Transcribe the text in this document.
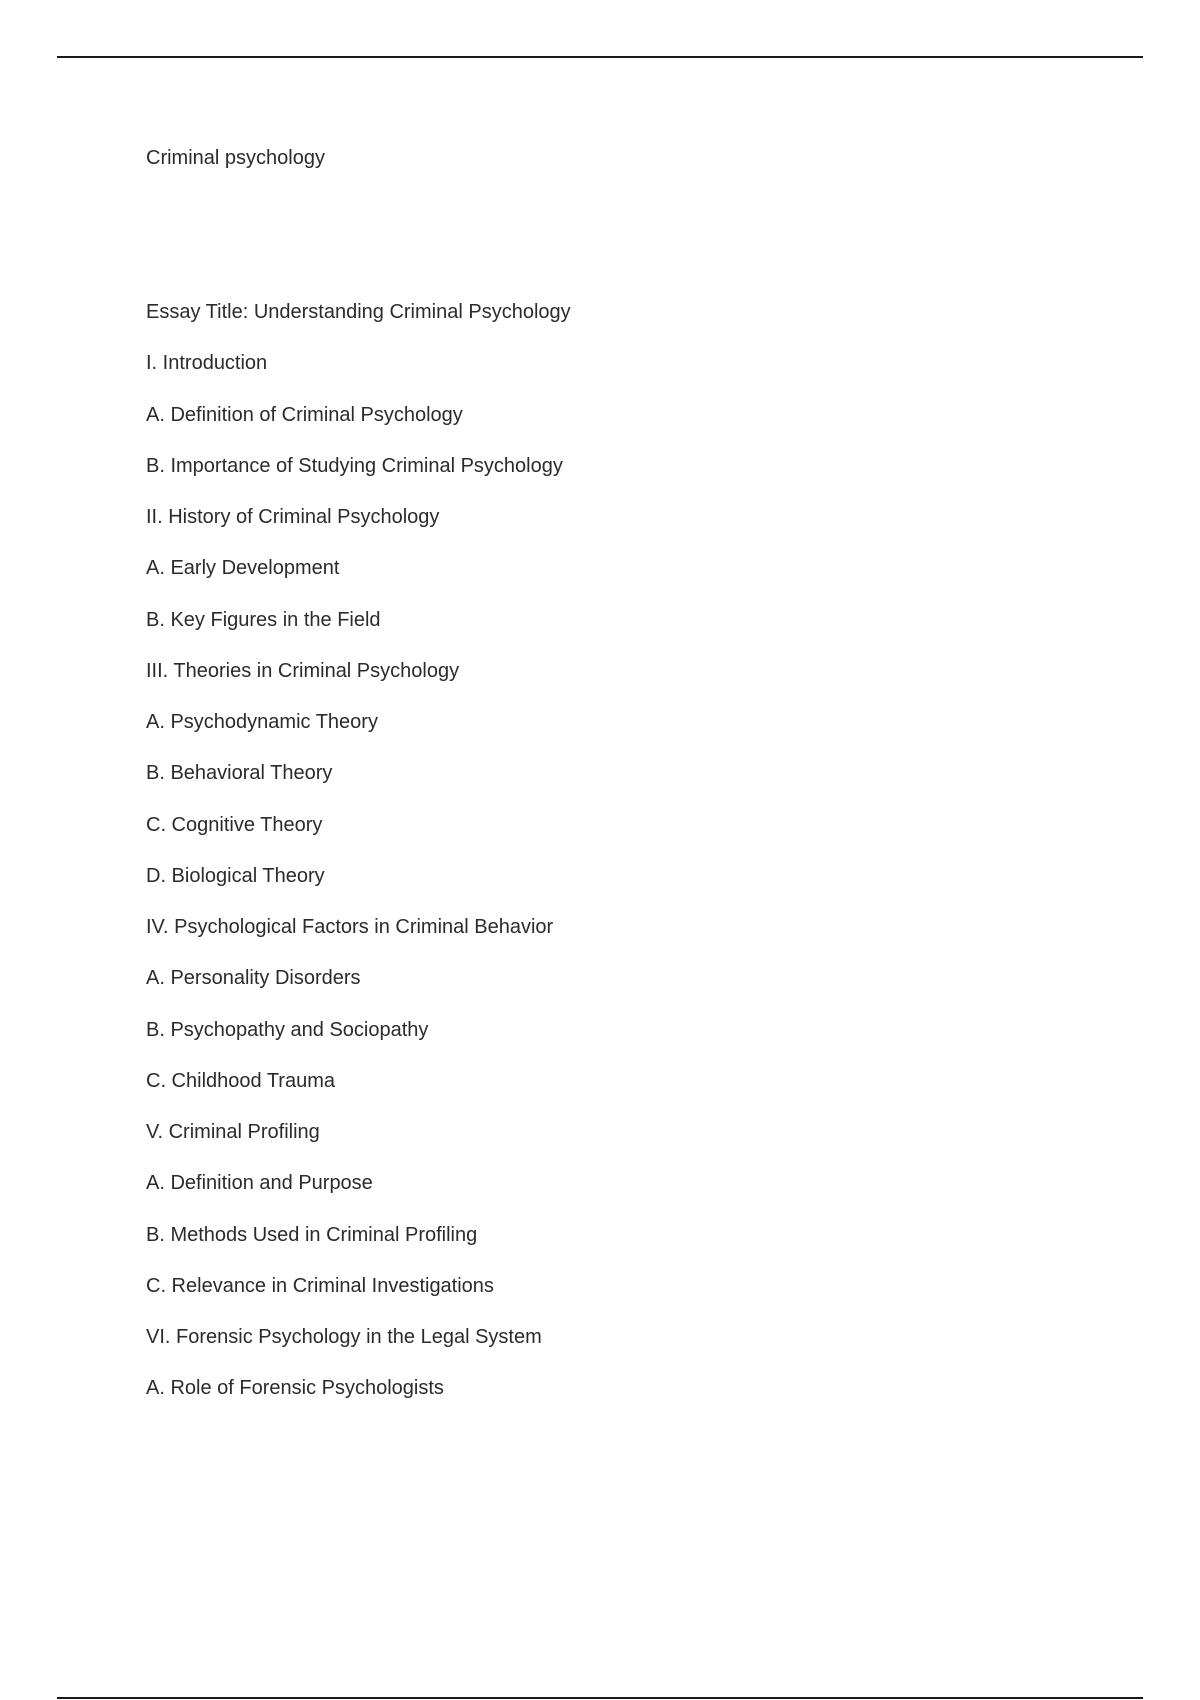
Criminal psychology
Essay Title: Understanding Criminal Psychology
I. Introduction
A. Definition of Criminal Psychology
B. Importance of Studying Criminal Psychology
II. History of Criminal Psychology
A. Early Development
B. Key Figures in the Field
III. Theories in Criminal Psychology
A. Psychodynamic Theory
B. Behavioral Theory
C. Cognitive Theory
D. Biological Theory
IV. Psychological Factors in Criminal Behavior
A. Personality Disorders
B. Psychopathy and Sociopathy
C. Childhood Trauma
V. Criminal Profiling
A. Definition and Purpose
B. Methods Used in Criminal Profiling
C. Relevance in Criminal Investigations
VI. Forensic Psychology in the Legal System
A. Role of Forensic Psychologists
